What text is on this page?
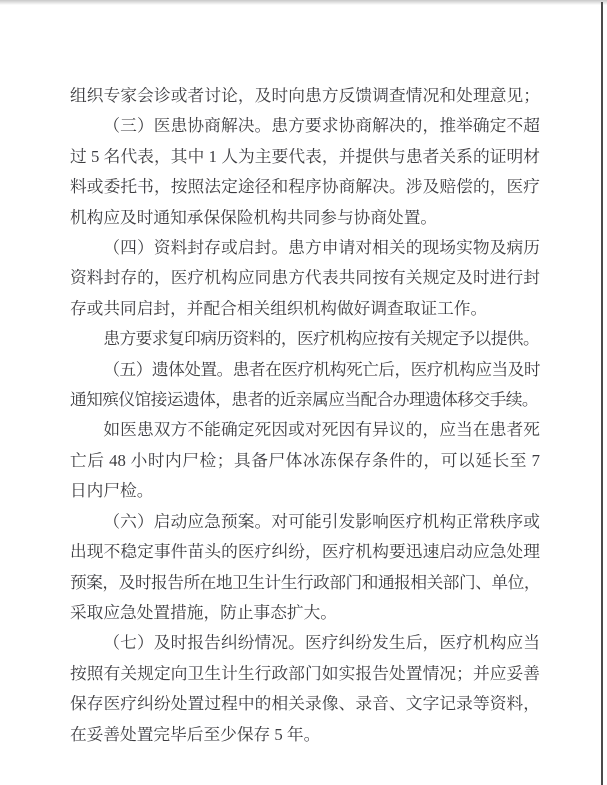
组织专家会诊或者讨论，及时向患方反馈调查情况和处理意见；

（三）医患协商解决。患方要求协商解决的，推举确定不超

过 5 名代表，其中 1 人为主要代表，并提供与患者关系的证明材

料或委托书，按照法定途径和程序协商解决。涉及赔偿的，医疗

机构应及时通知承保保险机构共同参与协商处置。

（四）资料封存或启封。患方申请对相关的现场实物及病历

资料封存的，医疗机构应同患方代表共同按有关规定及时进行封

存或共同启封，并配合相关组织机构做好调查取证工作。

患方要求复印病历资料的，医疗机构应按有关规定予以提供。

（五）遗体处置。患者在医疗机构死亡后，医疗机构应当及时

通知殡仪馆接运遗体，患者的近亲属应当配合办理遗体移交手续。

如医患双方不能确定死因或对死因有异议的，应当在患者死

亡后 48 小时内尸检；具备尸体冰冻保存条件的，可以延长至 7

日内尸检。

（六）启动应急预案。对可能引发影响医疗机构正常秩序或

出现不稳定事件苗头的医疗纠纷，医疗机构要迅速启动应急处理

预案，及时报告所在地卫生计生行政部门和通报相关部门、单位，

采取应急处置措施，防止事态扩大。

（七）及时报告纠纷情况。医疗纠纷发生后，医疗机构应当

按照有关规定向卫生计生行政部门如实报告处置情况；并应妥善

保存医疗纠纷处置过程中的相关录像、录音、文字记录等资料，

在妥善处置完毕后至少保存 5 年。
